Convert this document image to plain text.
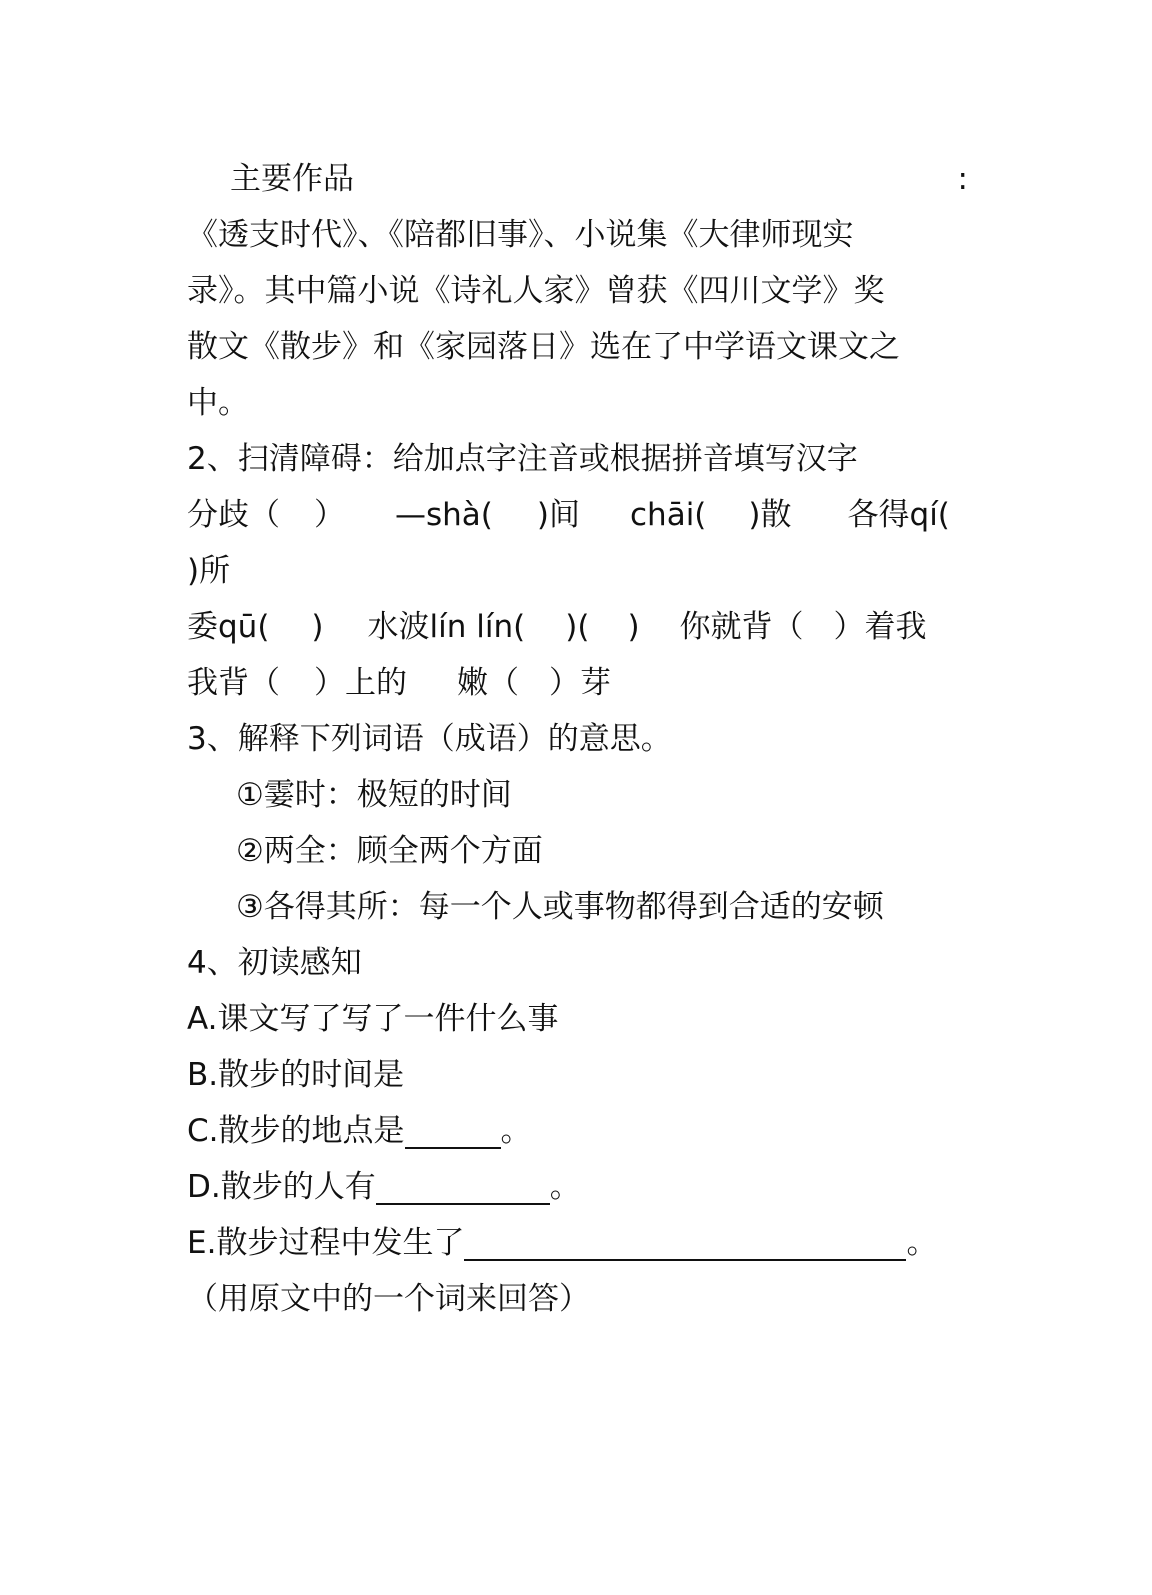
主要作品	:
《透支时代》、《陪都旧事》、小说集《大律师现实
录》。其中篇小说《诗礼人家》曾获《四川文学》奖
散文《散步》和《家园落日》选在了中学语文课文之
中。
2、扫清障碍：给加点字注音或根据拼音填写汉字
分歧（ ） —shà( )间 chāi( )散 各得qí(
)所
委qū( ) 水波lín lín( )( ) 你就背（ ）着我
我背（ ）上的 嫩（ ）芽
3、解释下列词语（成语）的意思。
①霎时：极短的时间
②两全：顾全两个方面
③各得其所：每一个人或事物都得到合适的安顿
4、初读感知
A.课文写了写了一件什么事
B.散步的时间是
C.散步的地点是	。
D.散步的人有	。
E.散步过程中发生了	。
（用原文中的一个词来回答）
